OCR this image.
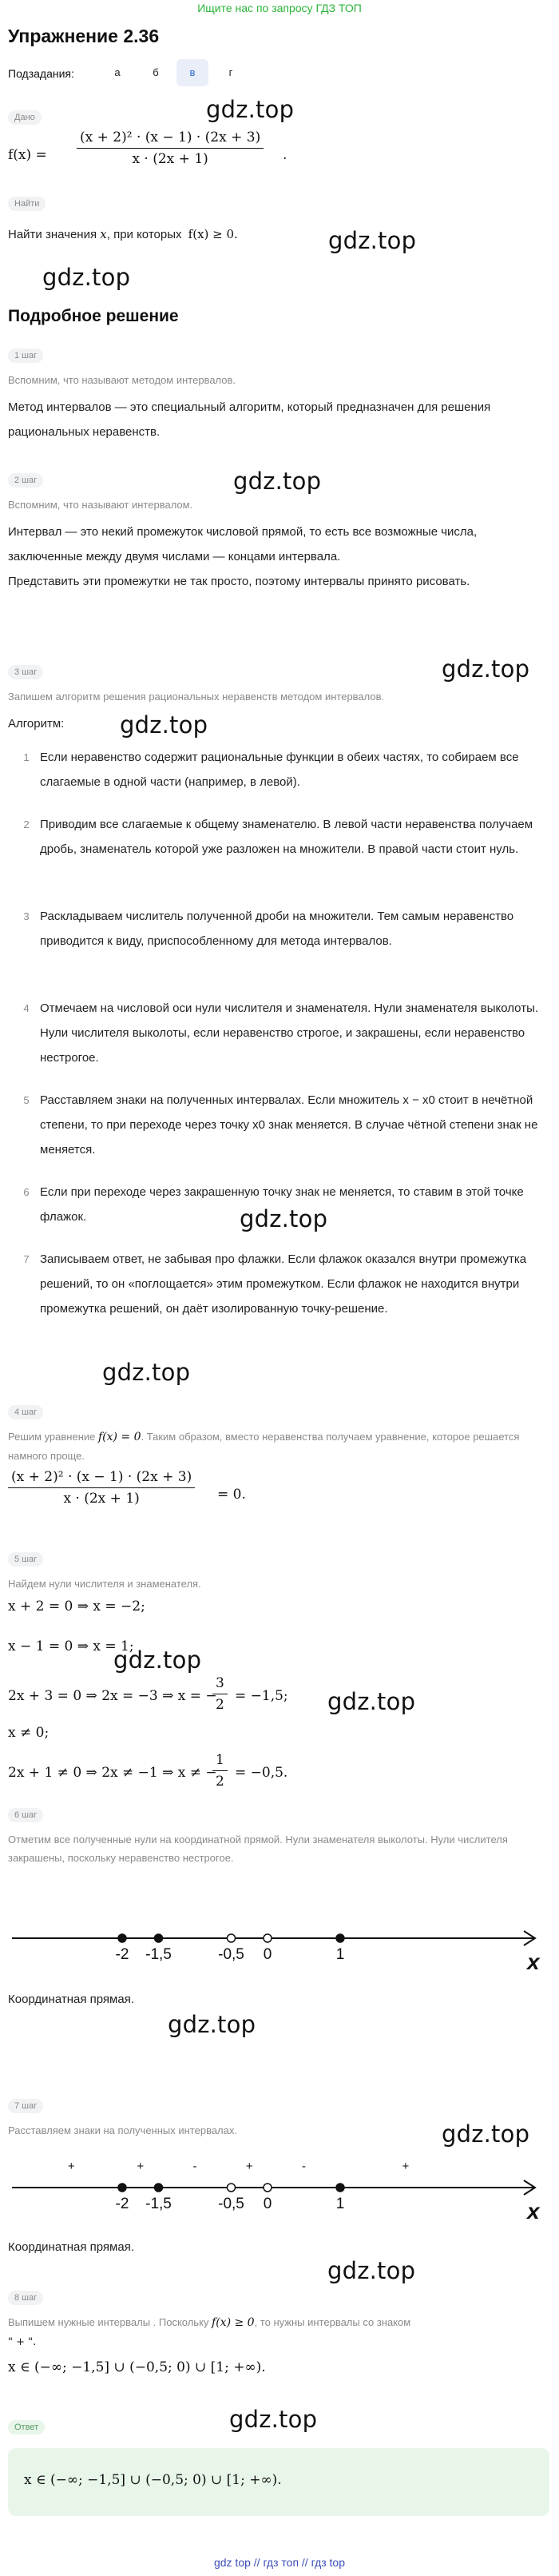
Ищите нас по запросу ГДЗ ТОП
Упражнение 2.36
Подзадания:	а	б	в	г
gdz.top
gdz.top
gdz.top
gdz.top
gdz.top
gdz.top
gdz.top
gdz.top
gdz.top
gdz.top
gdz.top
gdz.top
gdz.top
gdz.top
Дано
$f(x) = \frac{\text{(x + 2)² · (x − 1) · (2x + 3)}}{x \cdot (2x + 1)}$ .
Найти
Найти значения x, при которых f(x) ≥ 0.
Подробное решение
1 шаг
Вспомним, что называют методом интервалов.
Метод интервалов — это специальный алгоритм, который предназначен для решения рациональных неравенств.
2 шаг
Вспомним, что называют интервалом.
Интервал — это некий промежуток числовой прямой, то есть все возможные числа, заключенные между двумя числами — концами интервала.
Представить эти промежутки не так просто, поэтому интервалы принято рисовать.
3 шаг
Запишем алгоритм решения рациональных неравенств методом интервалов.
Алгоритм:
1 Если неравенство содержит рациональные функции в обеих частях, то собираем все слагаемые в одной части (например, в левой).
2 Приводим все слагаемые к общему знаменателю. В левой части неравенства получаем дробь, знаменатель которой уже разложен на множители. В правой части стоит нуль.
3 Раскладываем числитель полученной дроби на множители. Тем самым неравенство приводится к виду, приспособленному для метода интервалов.
4 Отмечаем на числовой оси нули числителя и знаменателя. Нули знаменателя выколоты. Нули числителя выколоты, если неравенство строгое, и закрашены, если неравенство нестрогое.
5 Расставляем знаки на полученных интервалах. Если множитель x − x0 стоит в нечётной степени, то при переходе через точку x0 знак меняется. В случае чётной степени знак не меняется.
6 Если при переходе через закрашенную точку знак не меняется, то ставим в этой точке флажок.
7 Записываем ответ, не забывая про флажки. Если флажок оказался внутри промежутка решений, то он «поглощается» этим промежутком. Если флажок не находится внутри промежутка решений, он даёт изолированную точку-решение.
4 шаг
Решим уравнение f(x) = 0. Таким образом, вместо неравенства получаем уравнение, которое решается намного проще.
$\frac{\text{(x + 2)² · (x − 1) · (2x + 3)}}{x \cdot (2x + 1)} = 0$.
5 шаг
Найдем нули числителя и знаменателя.
x + 2 = 0 ⇒ x = −2;
x − 1 = 0 ⇒ x = 1;
2x + 3 = 0 ⇒ 2x = −3 ⇒ x = −
$\frac{3}{2} = -1,5$;
x ≠ 0;
2x + 1 ≠ 0 ⇒ 2x ≠ −1 ⇒ x ≠ −
$\frac{1}{2} = -0,5$.
6 шаг
Отметим все полученные нули на координатной прямой. Нули знаменателя выколоты. Нули числителя закрашены, поскольку неравенство нестрогое.
x
-2 -1,5	-0,5 0	1
Координатная прямая.
7 шаг
Расставляем знаки на полученных интервалах.
x
+	+	-	+	-	+
-2 -1,5	-0,5 0	1
Координатная прямая.
8 шаг
Выпишем нужные интервалы . Поскольку f(x) ≥ 0, то нужны интервалы со знаком
" + ".
x ∈ (−∞; −1,5] ∪ (−0,5; 0) ∪ [1; +∞).
Ответ
x ∈ (−∞; −1,5] ∪ (−0,5; 0) ∪ [1; +∞).
gdz top // гдз топ // гдз top
